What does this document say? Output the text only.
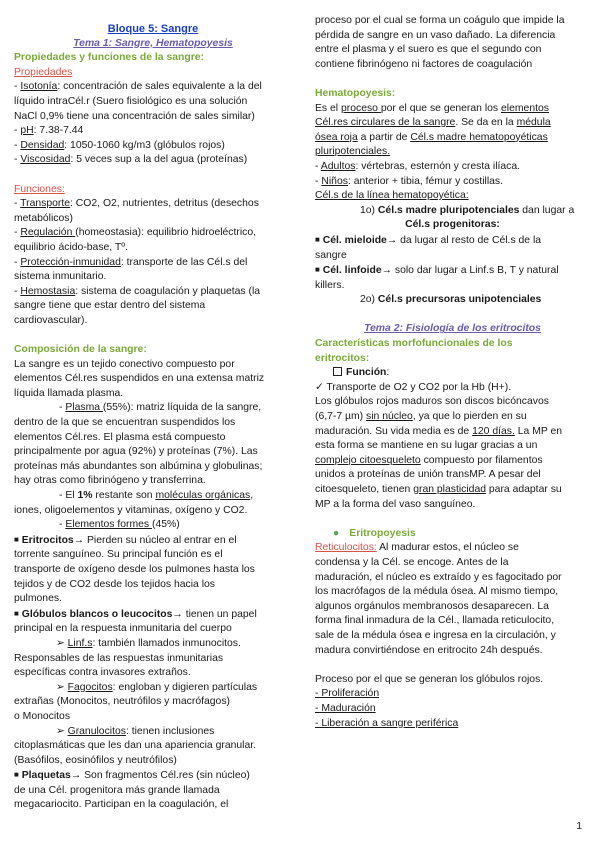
Bloque 5: Sangre

Tema 1: Sangre, Hematopoyesis

Propiedades y funciones de la sangre:

Propiedades

- Isotonía: concentración de sales equivalente a la del

líquido intraCél.r (Suero fisiológico es una solución

NaCl 0,9% tiene una concentración de sales similar)

- pH: 7.38-7.44

- Densidad: 1050-1060 kg/m3 (glóbulos rojos)

- Viscosidad: 5 veces sup a la del agua (proteínas)

Funciones:

- Transporte: CO2, O2, nutrientes, detritus (desechos

metabólicos)

- Regulación (homeostasia): equilibrio hidroeléctrico,

equilibrio ácido-base, Tº.

- Protección-inmunidad: transporte de las Cél.s del

sistema inmunitario.

- Hemostasia: sistema de coagulación y plaquetas (la

sangre tiene que estar dentro del sistema

cardiovascular).

Composición de la sangre:

La sangre es un tejido conectivo compuesto por

elementos Cél.res suspendidos en una extensa matriz

líquida llamada plasma.

- Plasma (55%): matriz líquida de la sangre,

dentro de la que se encuentran suspendidos los

elementos Cél.res. El plasma está compuesto

principalmente por agua (92%) y proteínas (7%). Las

proteínas más abundantes son albúmina y globulinas;

hay otras como fibrinógeno y transferrina.

- El 1% restante son moléculas orgánicas,

iones, oligoelementos y vitaminas, oxígeno y CO2.

- Elementos formes (45%)

■ Eritrocitos→ Pierden su núcleo al entrar en el

torrente sanguíneo. Su principal función es el

transporte de oxígeno desde los pulmones hasta los

tejidos y de CO2 desde los tejidos hacia los

pulmones.

■ Glóbulos blancos o leucocitos→ tienen un papel

principal en la respuesta inmunitaria del cuerpo

➢ Linf.s: también llamados inmunocitos.

Responsables de las respuestas inmunitarias

específicas contra invasores extraños.

➢ Fagocitos: engloban y digieren partículas

extrañas (Monocitos, neutrófilos y macrófagos)

o Monocitos

➢ Granulocitos: tienen inclusiones

citoplasmáticas que les dan una apariencia granular.

(Basófilos, eosinófilos y neutrófilos)

■ Plaquetas→ Son fragmentos Cél.res (sin núcleo)

de una Cél. progenitora más grande llamada

megacariocito. Participan en la coagulación, el

proceso por el cual se forma un coágulo que impide la

pérdida de sangre en un vaso dañado. La diferencia

entre el plasma y el suero es que el segundo con

contiene fibrinógeno ni factores de coagulación

Hematopoyesis:

Es el proceso por el que se generan los elementos

Cél.res circulares de la sangre. Se da en la médula

ósea roja a partir de Cél.s madre hematopoyéticas

pluripotenciales.

- Adultos: vértebras, esternón y cresta ilíaca.

- Niños: anterior + tibia, fémur y costillas.

Cél.s de la línea hematopoyética:

1o) Cél.s madre pluripotenciales dan lugar a

Cél.s progenitoras:

■ Cél. mieloide→ da lugar al resto de Cél.s de la

sangre

■ Cél. linfoide→ solo dar lugar a Linf.s B, T y natural

killers.

2o) Cél.s precursoras unipotenciales

Tema 2: Fisiología de los eritrocitos

Características morfofuncionales de los

eritrocitos:

Función:

✓ Transporte de O2 y CO2 por la Hb (H+).

Los glóbulos rojos maduros son discos bicóncavos

(6,7-7 µm) sin núcleo, ya que lo pierden en su

maduración. Su vida media es de 120 días. La MP en

esta forma se mantiene en su lugar gracias a un

complejo citoesqueleto compuesto por filamentos

unidos a proteínas de unión transMP. A pesar del

citoesqueleto, tienen gran plasticidad para adaptar su

MP a la forma del vaso sanguíneo.

● Eritropoyesis

Reticulocitos: Al madurar estos, el núcleo se

condensa y la Cél. se encoge. Antes de la

maduración, el núcleo es extraído y es fagocitado por

los macrófagos de la médula ósea. Al mismo tiempo,

algunos orgánulos membranosos desaparecen. La

forma final inmadura de la Cél., llamada reticulocito,

sale de la médula ósea e ingresa en la circulación, y

madura convirtiéndose en eritrocito 24h después.

Proceso por el que se generan los glóbulos rojos.

- Proliferación

- Maduración

- Liberación a sangre periférica

1
